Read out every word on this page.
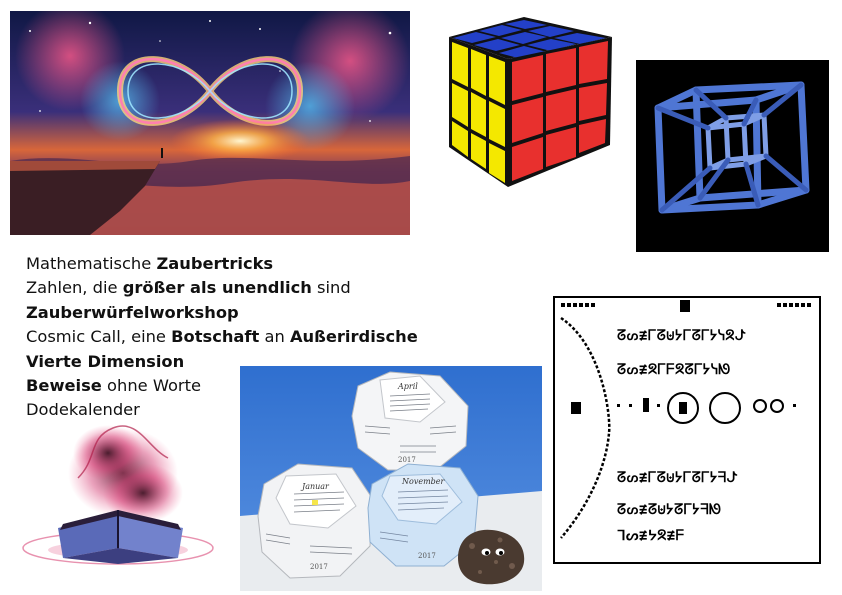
Mathematische Zaubertricks
Zahlen, die größer als unendlich sind
Zauberwürfelworkshop
Cosmic Call, eine Botschaft an Außerirdische
Vierte Dimension
Beweise ohne Worte
Dodekalender
April
2017
Januar
2017
November
2017
ᘔᔕ≢ᒥᘔ⊎ᔭᒥᘔᒥᔭᓭᘝᖌ
ᘔᔕ≢ᘝᒥᖴᘝᘔᒥᔭᓭᘚ
ᘔᔕ≢ᒥᘔ⊎ᔭᒥᘔᒥᔭᖷᖌ
ᘔᔕ≢ᘔ⊎ᔭᘔᒥᔭᖷᘚ
ᒣᔕ≢ᔭᘝ≢ᖴ
